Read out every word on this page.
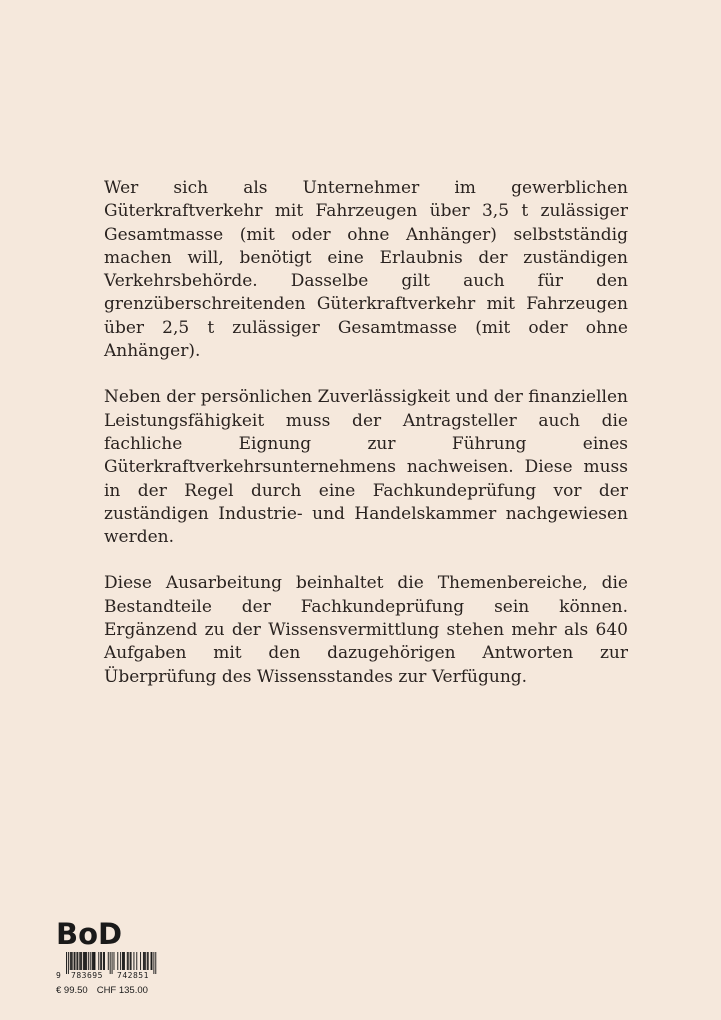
Wer sich als Unternehmer im gewerblichen Güterkraftverkehr mit Fahrzeugen über 3,5 t zulässiger Gesamtmasse (mit oder ohne Anhänger) selbstständig machen will, benötigt eine Erlaubnis der zuständigen Verkehrsbehörde. Dasselbe gilt auch für den grenzüberschreitenden Güterkraftverkehr mit Fahrzeugen über 2,5 t zulässiger Gesamtmasse (mit oder ohne Anhänger).

Neben der persönlichen Zuverlässigkeit und der finanziellen Leistungsfähigkeit muss der Antragsteller auch die fachliche Eignung zur Führung eines Güterkraftverkehrsunternehmens nachweisen. Diese muss in der Regel durch eine Fachkundeprüfung vor der zuständigen Industrie- und Handelskammer nachgewiesen werden.

Diese Ausarbeitung beinhaltet die Themenbereiche, die Bestandteile der Fachkundeprüfung sein können. Ergänzend zu der Wissensvermittlung stehen mehr als 640 Aufgaben mit den dazugehörigen Antworten zur Überprüfung des Wissensstandes zur Verfügung.

BoD
9 783695 742851
€ 99.50 CHF 135.00
